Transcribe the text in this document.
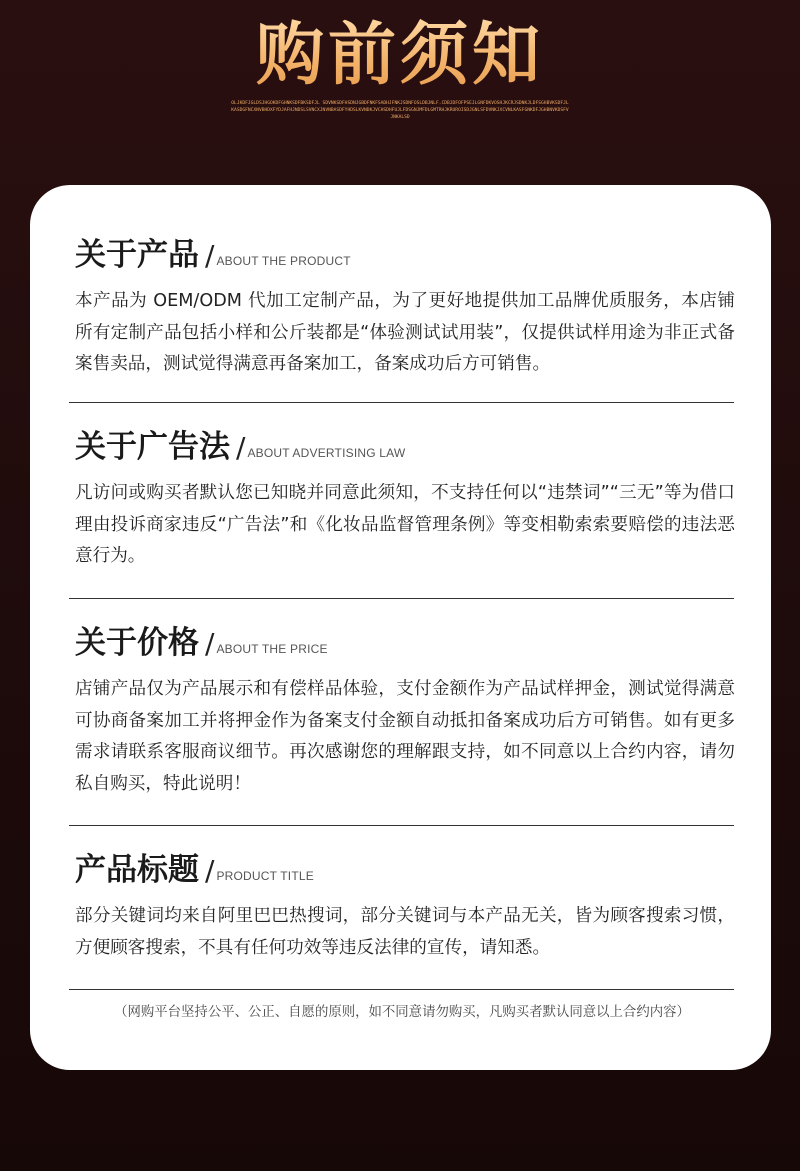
购前须知
OLJKDFJGLDSJHGOKDFGHNKSDFBKSDFJL SDVNKSDFHSDNJGBDFNKFSADHJFNKJSDNFOSLDBJNLF.CDBJDFOFPSEJLGNFDKVOSHJKCRJSDNKJLDFSGHBVKSDFJLKASDGFNCXNVBHDXFYDJAFHJNDSLSVNCXJNVNBASDFYHDSLKVNDKJVCHSDHFUJLFDSGNJMFDLGMTRHJKRUROISDJGNLSFDVNKJXCVNLKASFGNKDFJGHBNVKDSFVJNKALSD
关于产品 / ABOUT THE PRODUCT

本产品为 OEM/ODM 代加工定制产品，为了更好地提供加工品牌优质服务，本店铺所有定制产品包括小样和公斤装都是“体验测试试用装”，仅提供试样用途为非正式备案售卖品，测试觉得满意再备案加工，备案成功后方可销售。

关于广告法 / ABOUT ADVERTISING LAW

凡访问或购买者默认您已知晓并同意此须知，不支持任何以“违禁词”“三无”等为借口理由投诉商家违反“广告法”和《化妆品监督管理条例》等变相勒索索要赔偿的违法恶意行为。

关于价格 / ABOUT THE PRICE

店铺产品仅为产品展示和有偿样品体验，支付金额作为产品试样押金，测试觉得满意可协商备案加工并将押金作为备案支付金额自动抵扣备案成功后方可销售。如有更多需求请联系客服商议细节。再次感谢您的理解跟支持，如不同意以上合约内容，请勿私自购买，特此说明！

产品标题 / PRODUCT TITLE

部分关键词均来自阿里巴巴热搜词，部分关键词与本产品无关，皆为顾客搜索习惯，方便顾客搜索，不具有任何功效等违反法律的宣传，请知悉。

（网购平台坚持公平、公正、自愿的原则，如不同意请勿购买，凡购买者默认同意以上合约内容）
